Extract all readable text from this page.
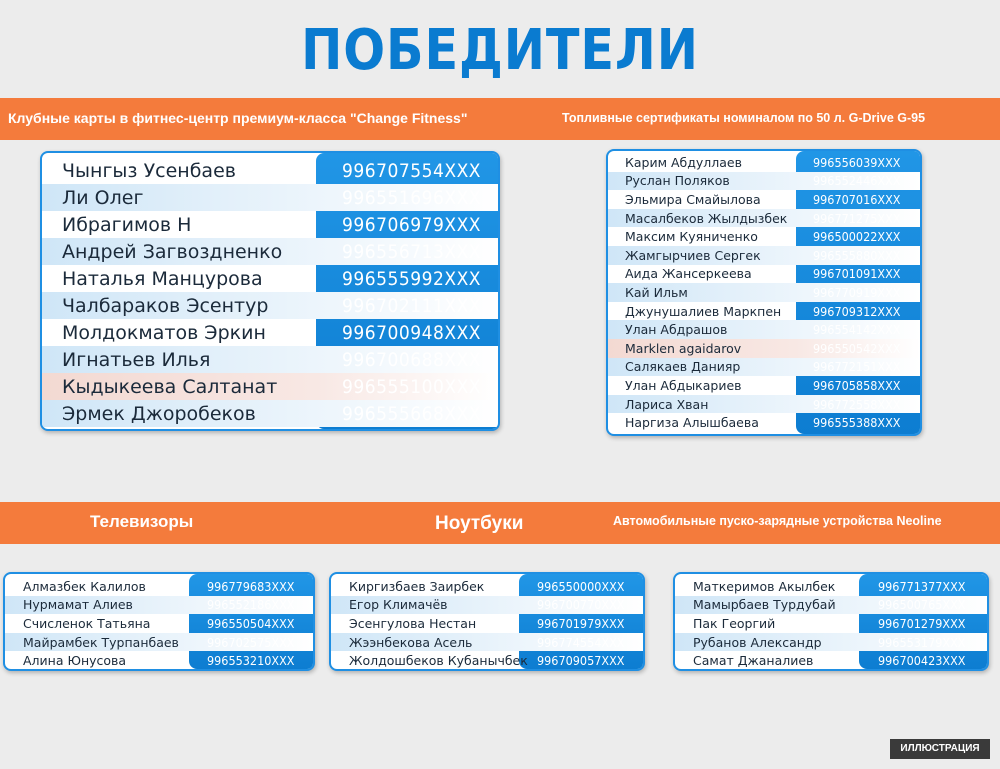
ПОБЕДИТЕЛИ
Клубные карты в фитнес-центр премиум-класса "Change Fitness"	Топливные сертификаты номиналом по 50 л. G-Drive G-95
Телевизоры	Ноутбуки	Автомобильные пуско-зарядные устройства Neoline
Чынгыз Усенбаев	996707554XXX
Ли Олег	996551696XXX
Ибрагимов Н	996706979XXX
Андрей Загвозднeнко	996556713XXX
Наталья Манцурова	996555992XXX
Чалбараков Эсентур	996702111XXX
Молдокматов Эркин	996700948XXX
Игнатьев Илья	996700688XXX
Кыдыкеева Салтанат	996555100XXX
Эрмек Джоробеков	996555668XXX
Карим Абдуллаев	996556039XXX
Руслан Поляков	996552446XXX
Эльмира Смайылова	996707016XXX
Масалбеков Жылдызбек 996771275XXX
Максим Куяниченко	996500022XXX
Жамгырчиев Сергек	996555880XXX
Аида Жансеркеева	996701091XXX
Кай Ильм	996770919XXX
Джунушалиев Маркпен	996709312XXX
Улан Абдрашов	996554142XXX
Marklen agaidarov	996550542XXX
Салякаев Данияр	996772151XXX
Улан Абдыкариев	996705858XXX
Лариса Хван	996772558XXX
Наргиза Алышбаева	996555388XXX
Алмазбек Калилов	996779683XXX
Нурмамат Алиев	996552186XXX
Счисленок Татьяна	996550504XXX
Майрамбек Турпанбаев 996702575XXX
Алина Юнусова	996553210XXX
Киргизбаев Заирбек	996550000XXX
Егор Климачёв	996700770XXX
Эсенгулова Нестан	996701979XXX
Жээнбекова Асель	996774554XXX
Жолдошбеков Кубанычбек 996709057XXX
Маткеримов Акылбек	996771377XXX
Мамырбаев Турдубай	996500765XXX
Пак Георгий	996701279XXX
Рубанов Александр	996553179XXX
Самат Джаналиев	996700423XXX
ИЛЛЮСТРАЦИЯ
